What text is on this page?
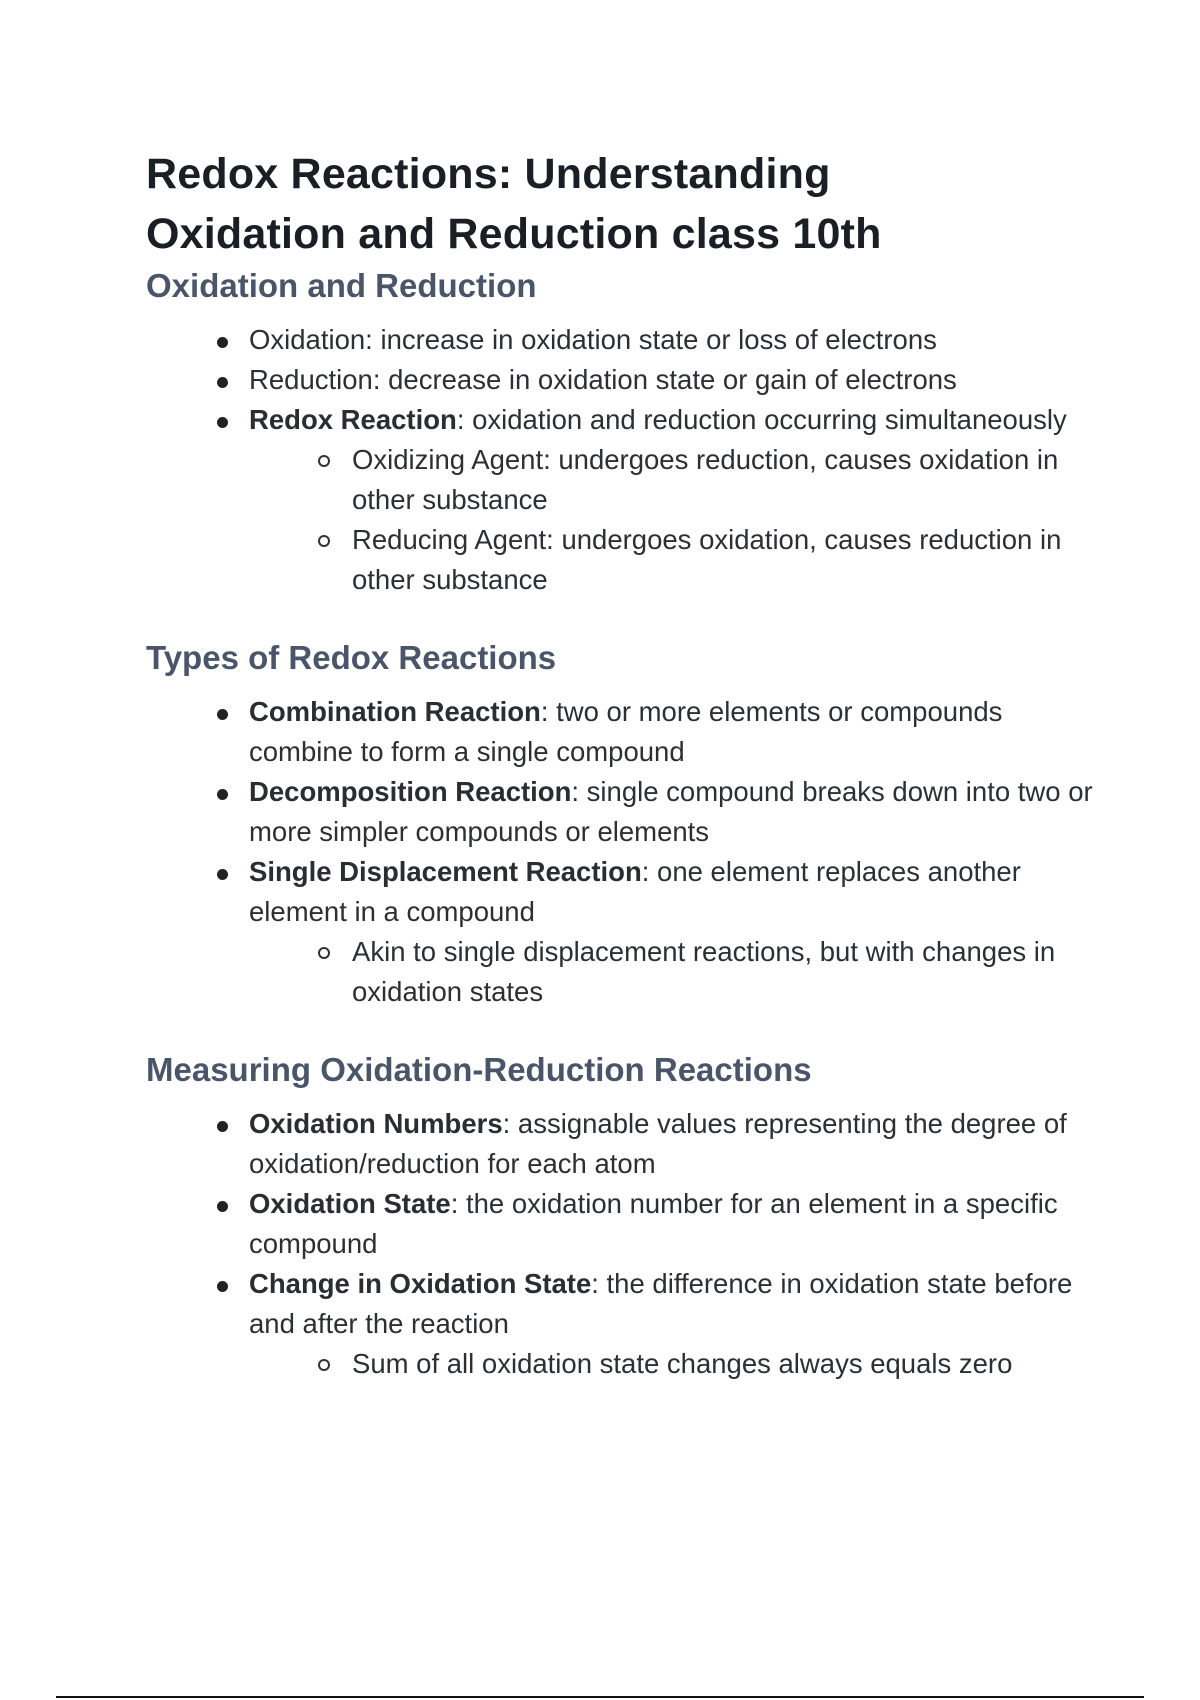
Redox Reactions: Understanding
Oxidation and Reduction class 10th
Oxidation and Reduction
Oxidation: increase in oxidation state or loss of electrons
Reduction: decrease in oxidation state or gain of electrons
Redox Reaction: oxidation and reduction occurring simultaneously
Oxidizing Agent: undergoes reduction, causes oxidation in other substance
Reducing Agent: undergoes oxidation, causes reduction in other substance
Types of Redox Reactions
Combination Reaction: two or more elements or compounds combine to form a single compound
Decomposition Reaction: single compound breaks down into two or more simpler compounds or elements
Single Displacement Reaction: one element replaces another element in a compound
Akin to single displacement reactions, but with changes in oxidation states
Measuring Oxidation-Reduction Reactions
Oxidation Numbers: assignable values representing the degree of oxidation/reduction for each atom
Oxidation State: the oxidation number for an element in a specific compound
Change in Oxidation State: the difference in oxidation state before and after the reaction
Sum of all oxidation state changes always equals zero
